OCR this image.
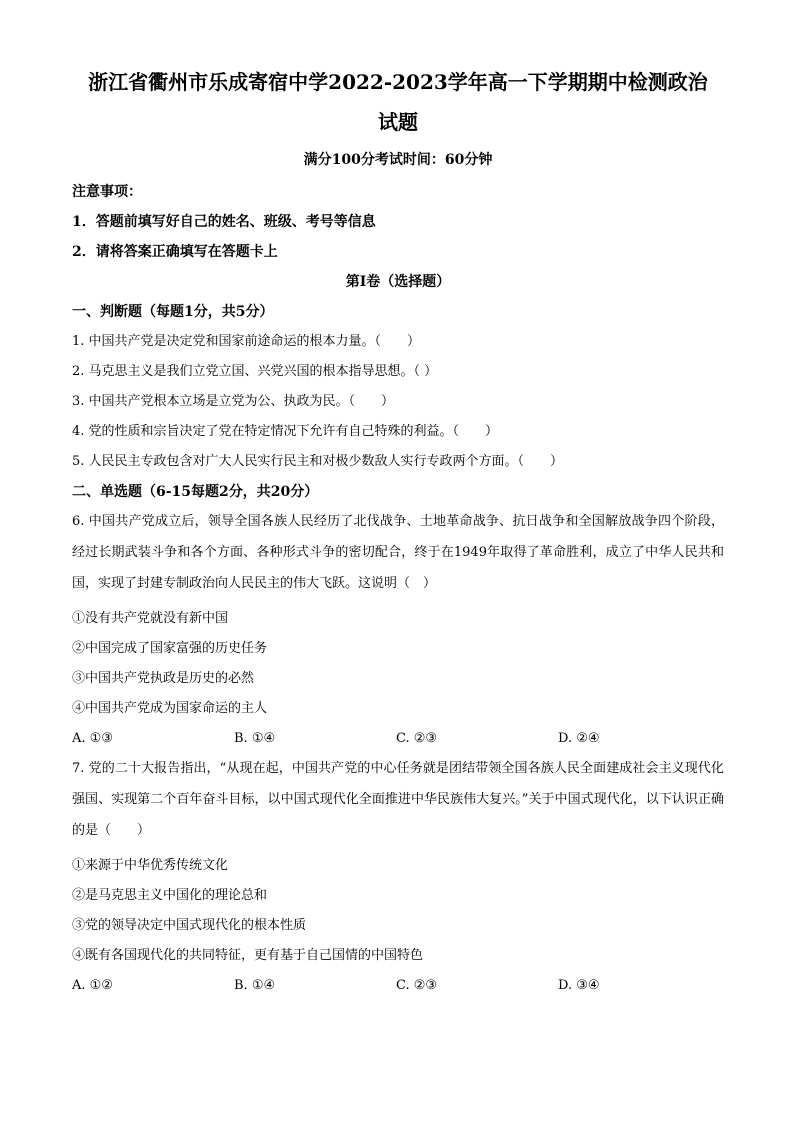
浙江省衢州市乐成寄宿中学2022-2023学年高一下学期期中检测政治
试题
满分100分考试时间：60分钟
注意事项：
1．答题前填写好自己的姓名、班级、考号等信息
2．请将答案正确填写在答题卡上
第I卷（选择题）
一、判断题（每题1分，共5分）
1. 中国共产党是决定党和国家前途命运的根本力量。（　　）
2. 马克思主义是我们立党立国、兴党兴国的根本指导思想。（ ）
3. 中国共产党根本立场是立党为公、执政为民。（　　）
4. 党的性质和宗旨决定了党在特定情况下允许有自己特殊的利益。（　　）
5. 人民民主专政包含对广大人民实行民主和对极少数敌人实行专政两个方面。（　　）
二、单选题（6-15每题2分，共20分）
6. 中国共产党成立后，领导全国各族人民经历了北伐战争、土地革命战争、抗日战争和全国解放战争四个阶段，经过长期武装斗争和各个方面、各种形式斗争的密切配合，终于在1949年取得了革命胜利，成立了中华人民共和国，实现了封建专制政治向人民民主的伟大飞跃。这说明（　）
①没有共产党就没有新中国
②中国完成了国家富强的历史任务
③中国共产党执政是历史的必然
④中国共产党成为国家命运的主人
A. ①③	B. ①④	C. ②③	D. ②④
7. 党的二十大报告指出，“从现在起，中国共产党的中心任务就是团结带领全国各族人民全面建成社会主义现代化强国、实现第二个百年奋斗目标，以中国式现代化全面推进中华民族伟大复兴。”关于中国式现代化，以下认识正确的是（　　）
①来源于中华优秀传统文化
②是马克思主义中国化的理论总和
③党的领导决定中国式现代化的根本性质
④既有各国现代化的共同特征，更有基于自己国情的中国特色
A. ①②	B. ①④	C. ②③	D. ③④
